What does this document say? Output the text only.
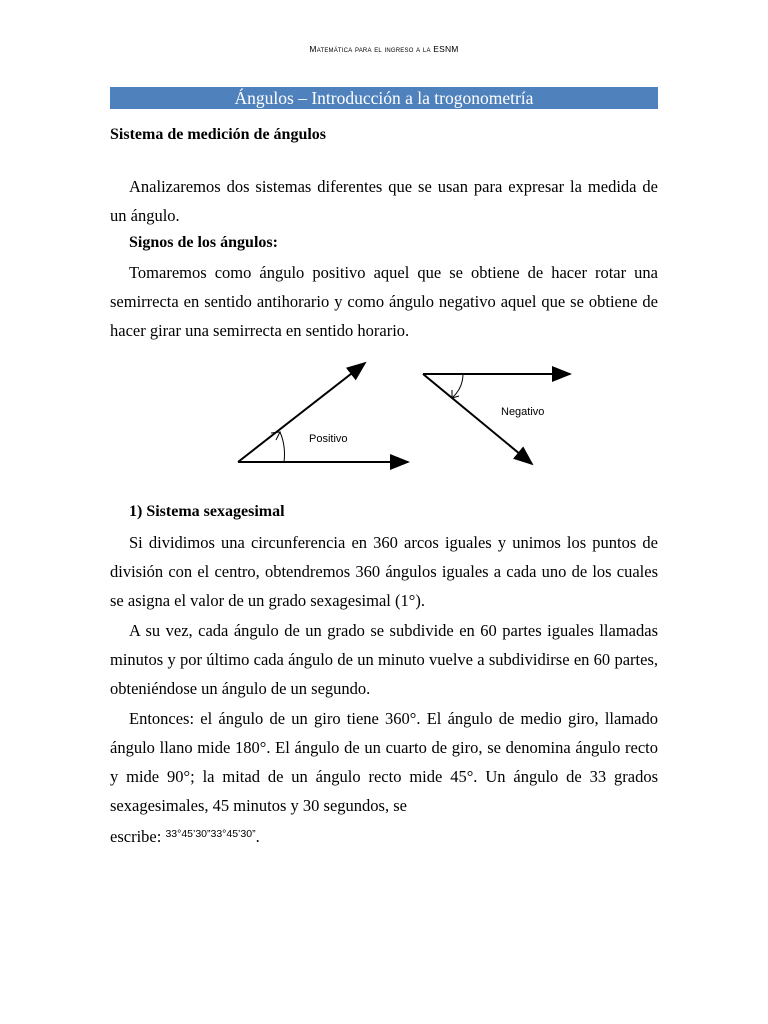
Matemática para el ingreso a la ESNM
Ángulos – Introducción a la trogonometría
Sistema de medición de ángulos
Analizaremos dos sistemas diferentes que se usan para expresar la medida de un ángulo.
Signos de los ángulos:
Tomaremos como ángulo positivo aquel que se obtiene de hacer rotar una semirrecta en sentido antihorario y como ángulo negativo aquel que se obtiene de hacer girar una semirrecta en sentido horario.
Positivo
Negativo
1) Sistema sexagesimal
Si dividimos una circunferencia en 360 arcos iguales y unimos los puntos de división con el centro, obtendremos 360 ángulos iguales a cada uno de los cuales se asigna el valor de un grado sexagesimal (1°).
A su vez, cada ángulo de un grado se subdivide en 60 partes iguales llamadas minutos y por último cada ángulo de un minuto vuelve a subdividirse en 60 partes, obteniéndose un ángulo de un segundo.
Entonces: el ángulo de un giro tiene 360°. El ángulo de medio giro, llamado ángulo llano mide 180°. El ángulo de un cuarto de giro, se denomina ángulo recto y mide 90°; la mitad de un ángulo recto mide 45°. Un ángulo de 33 grados sexagesimales, 45 minutos y 30 segundos, se
escribe: $^{33^\circ 45’30”33^\circ 45’30”}$.
